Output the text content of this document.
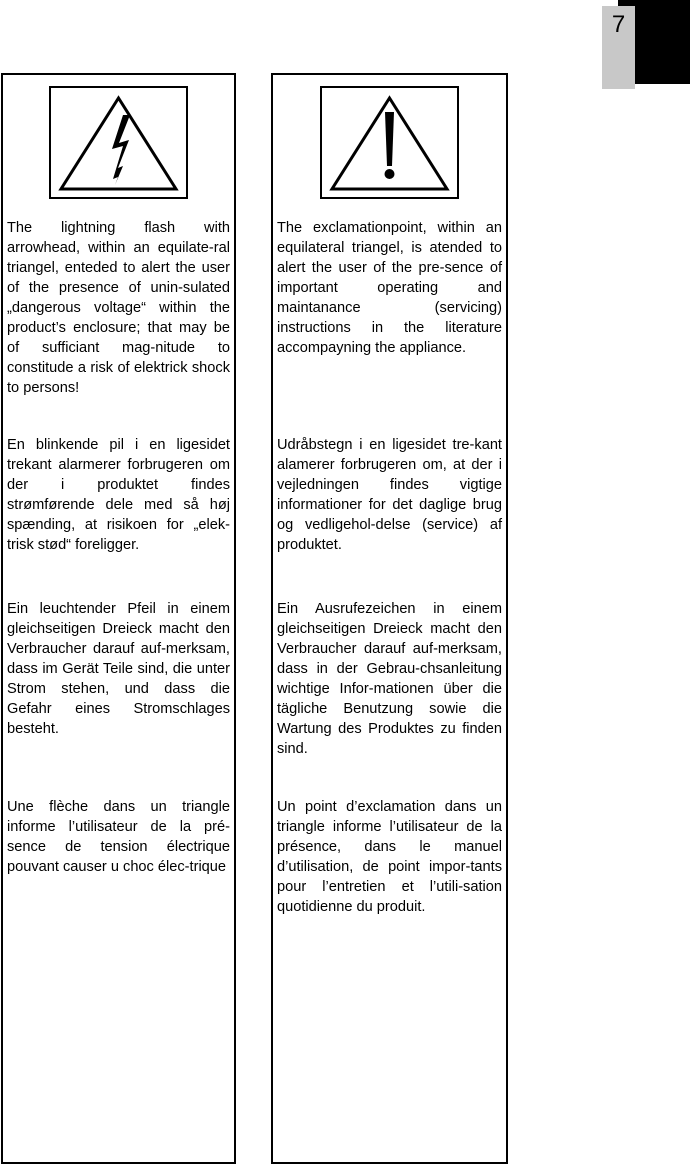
7

The lightning flash with arrowhead, within an equilate-ral triangel, enteded to alert the user of the presence of unin-sulated „dangerous voltage“ within the product’s enclosure; that may be of sufficiant mag-nitude to constitude a risk of elektrick shock to persons!

En blinkende pil i en ligesidet trekant alarmerer forbrugeren om der i produktet findes strømførende dele med så høj spænding, at risikoen for „elek-trisk stød“ foreligger.

Ein leuchtender Pfeil in einem gleichseitigen Dreieck macht den Verbraucher darauf auf-merksam, dass im Gerät Teile sind, die unter Strom stehen, und dass die Gefahr eines Stromschlages besteht.

Une flèche dans un triangle informe l’utilisateur de la pré-sence de tension électrique pouvant causer u choc élec-trique

The exclamationpoint, within an equilateral triangel, is atended to alert the user of the pre-sence of important operating and maintanance (servicing) instructions in the literature accompayning the appliance.

Udråbstegn i en ligesidet tre-kant alamerer forbrugeren om, at der i vejledningen findes vigtige informationer for det daglige brug og vedligehol-delse (service) af produktet.

Ein Ausrufezeichen in einem gleichseitigen Dreieck macht den Verbraucher darauf auf-merksam, dass in der Gebrau-chsanleitung wichtige Infor-mationen über die tägliche Benutzung sowie die Wartung des Produktes zu finden sind.

Un point d’exclamation dans un triangle informe l’utilisateur de la présence, dans le manuel d’utilisation, de point impor-tants pour l’entretien et l’utili-sation quotidienne du produit.
